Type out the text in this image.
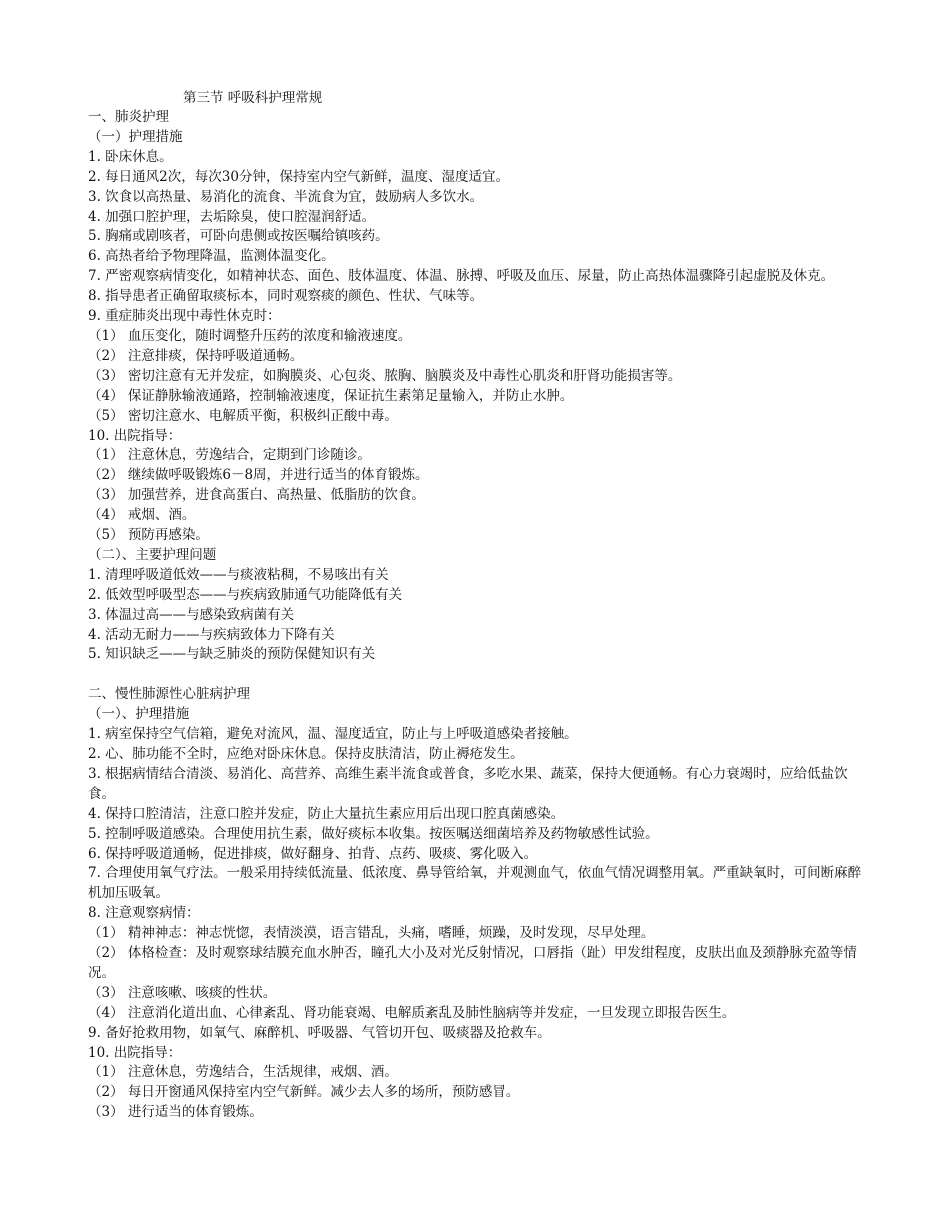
第三节 呼吸科护理常规
一、肺炎护理
（一）护理措施
1. 卧床休息。
2. 每日通风2次，每次30分钟，保持室内空气新鲜，温度、湿度适宜。
3. 饮食以高热量、易消化的流食、半流食为宜，鼓励病人多饮水。
4. 加强口腔护理，去垢除臭，使口腔湿润舒适。
5. 胸痛或剧咳者，可卧向患侧或按医嘱给镇咳药。
6. 高热者给予物理降温，监测体温变化。
7. 严密观察病情变化，如精神状态、面色、肢体温度、体温、脉搏、呼吸及血压、尿量，防止高热体温骤降引起虚脱及休克。
8. 指导患者正确留取痰标本，同时观察痰的颜色、性状、气味等。
9. 重症肺炎出现中毒性休克时：
（1） 血压变化，随时调整升压药的浓度和输液速度。
（2） 注意排痰，保持呼吸道通畅。
（3） 密切注意有无并发症，如胸膜炎、心包炎、脓胸、脑膜炎及中毒性心肌炎和肝肾功能损害等。
（4） 保证静脉输液通路，控制输液速度，保证抗生素第足量输入，并防止水肿。
（5） 密切注意水、电解质平衡，积极纠正酸中毒。
10. 出院指导：
（1） 注意休息，劳逸结合，定期到门诊随诊。
（2） 继续做呼吸锻炼6－8周，并进行适当的体育锻炼。
（3） 加强营养，进食高蛋白、高热量、低脂肪的饮食。
（4） 戒烟、酒。
（5） 预防再感染。
（二）、主要护理问题
1. 清理呼吸道低效——与痰液粘稠，不易咳出有关
2. 低效型呼吸型态——与疾病致肺通气功能降低有关
3. 体温过高——与感染致病菌有关
4. 活动无耐力——与疾病致体力下降有关
5. 知识缺乏——与缺乏肺炎的预防保健知识有关
二、慢性肺源性心脏病护理
（一）、护理措施
1. 病室保持空气信箱，避免对流风，温、湿度适宜，防止与上呼吸道感染者接触。
2. 心、肺功能不全时，应绝对卧床休息。保持皮肤清洁，防止褥疮发生。
3. 根据病情结合清淡、易消化、高营养、高维生素半流食或普食，多吃水果、蔬菜，保持大便通畅。有心力衰竭时，应给低盐饮食。
4. 保持口腔清洁，注意口腔并发症，防止大量抗生素应用后出现口腔真菌感染。
5. 控制呼吸道感染。合理使用抗生素，做好痰标本收集。按医嘱送细菌培养及药物敏感性试验。
6. 保持呼吸道通畅，促进排痰，做好翻身、拍背、点药、吸痰、雾化吸入。
7. 合理使用氧气疗法。一般采用持续低流量、低浓度、鼻导管给氧，并观测血气，依血气情况调整用氧。严重缺氧时，可间断麻醉机加压吸氧。
8. 注意观察病情：
（1） 精神神志：神志恍惚，表情淡漠，语言错乱，头痛，嗜睡，烦躁，及时发现，尽早处理。
（2） 体格检查：及时观察球结膜充血水肿否，瞳孔大小及对光反射情况，口唇指（趾）甲发绀程度，皮肤出血及颈静脉充盈等情况。
（3） 注意咳嗽、咳痰的性状。
（4） 注意消化道出血、心律紊乱、肾功能衰竭、电解质紊乱及肺性脑病等并发症，一旦发现立即报告医生。
9. 备好抢救用物，如氧气、麻醉机、呼吸器、气管切开包、吸痰器及抢救车。
10. 出院指导：
（1） 注意休息，劳逸结合，生活规律，戒烟、酒。
（2） 每日开窗通风保持室内空气新鲜。减少去人多的场所，预防感冒。
（3） 进行适当的体育锻炼。
